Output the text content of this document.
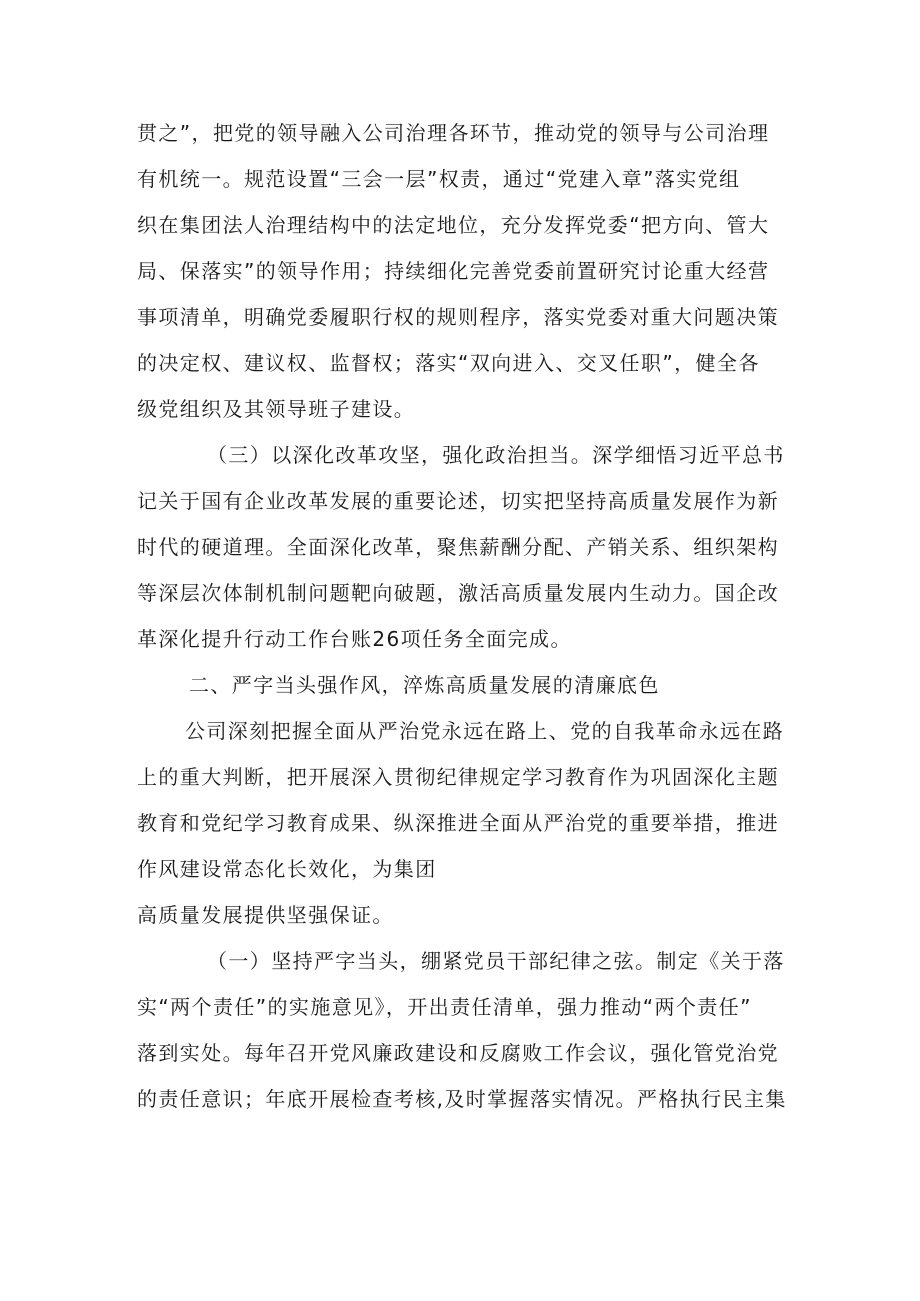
贯之”，把党的领导融入公司治理各环节，推动党的领导与公司治理
有机统一。规范设置“三会一层”权责，通过“党建入章”落实党组
织在集团法人治理结构中的法定地位，充分发挥党委“把方向、管大
局、保落实”的领导作用；持续细化完善党委前置研究讨论重大经营
事项清单，明确党委履职行权的规则程序，落实党委对重大问题决策
的决定权、建议权、监督权；落实“双向进入、交叉任职”，健全各
级党组织及其领导班子建设。
（三）以深化改革攻坚，强化政治担当。深学细悟习近平总书
记关于国有企业改革发展的重要论述，切实把坚持高质量发展作为新
时代的硬道理。全面深化改革，聚焦薪酬分配、产销关系、组织架构
等深层次体制机制问题靶向破题，激活高质量发展内生动力。国企改
革深化提升行动工作台账26项任务全面完成。
二、严字当头强作风，淬炼高质量发展的清廉底色
公司深刻把握全面从严治党永远在路上、党的自我革命永远在路
上的重大判断，把开展深入贯彻纪律规定学习教育作为巩固深化主题
教育和党纪学习教育成果、纵深推进全面从严治党的重要举措，推进
作风建设常态化长效化，为集团
高质量发展提供坚强保证。
（一）坚持严字当头，绷紧党员干部纪律之弦。制定《关于落
实“两个责任”的实施意见》，开出责任清单，强力推动“两个责任”
落到实处。每年召开党风廉政建设和反腐败工作会议，强化管党治党
的责任意识；年底开展检查考核,及时掌握落实情况。严格执行民主集
